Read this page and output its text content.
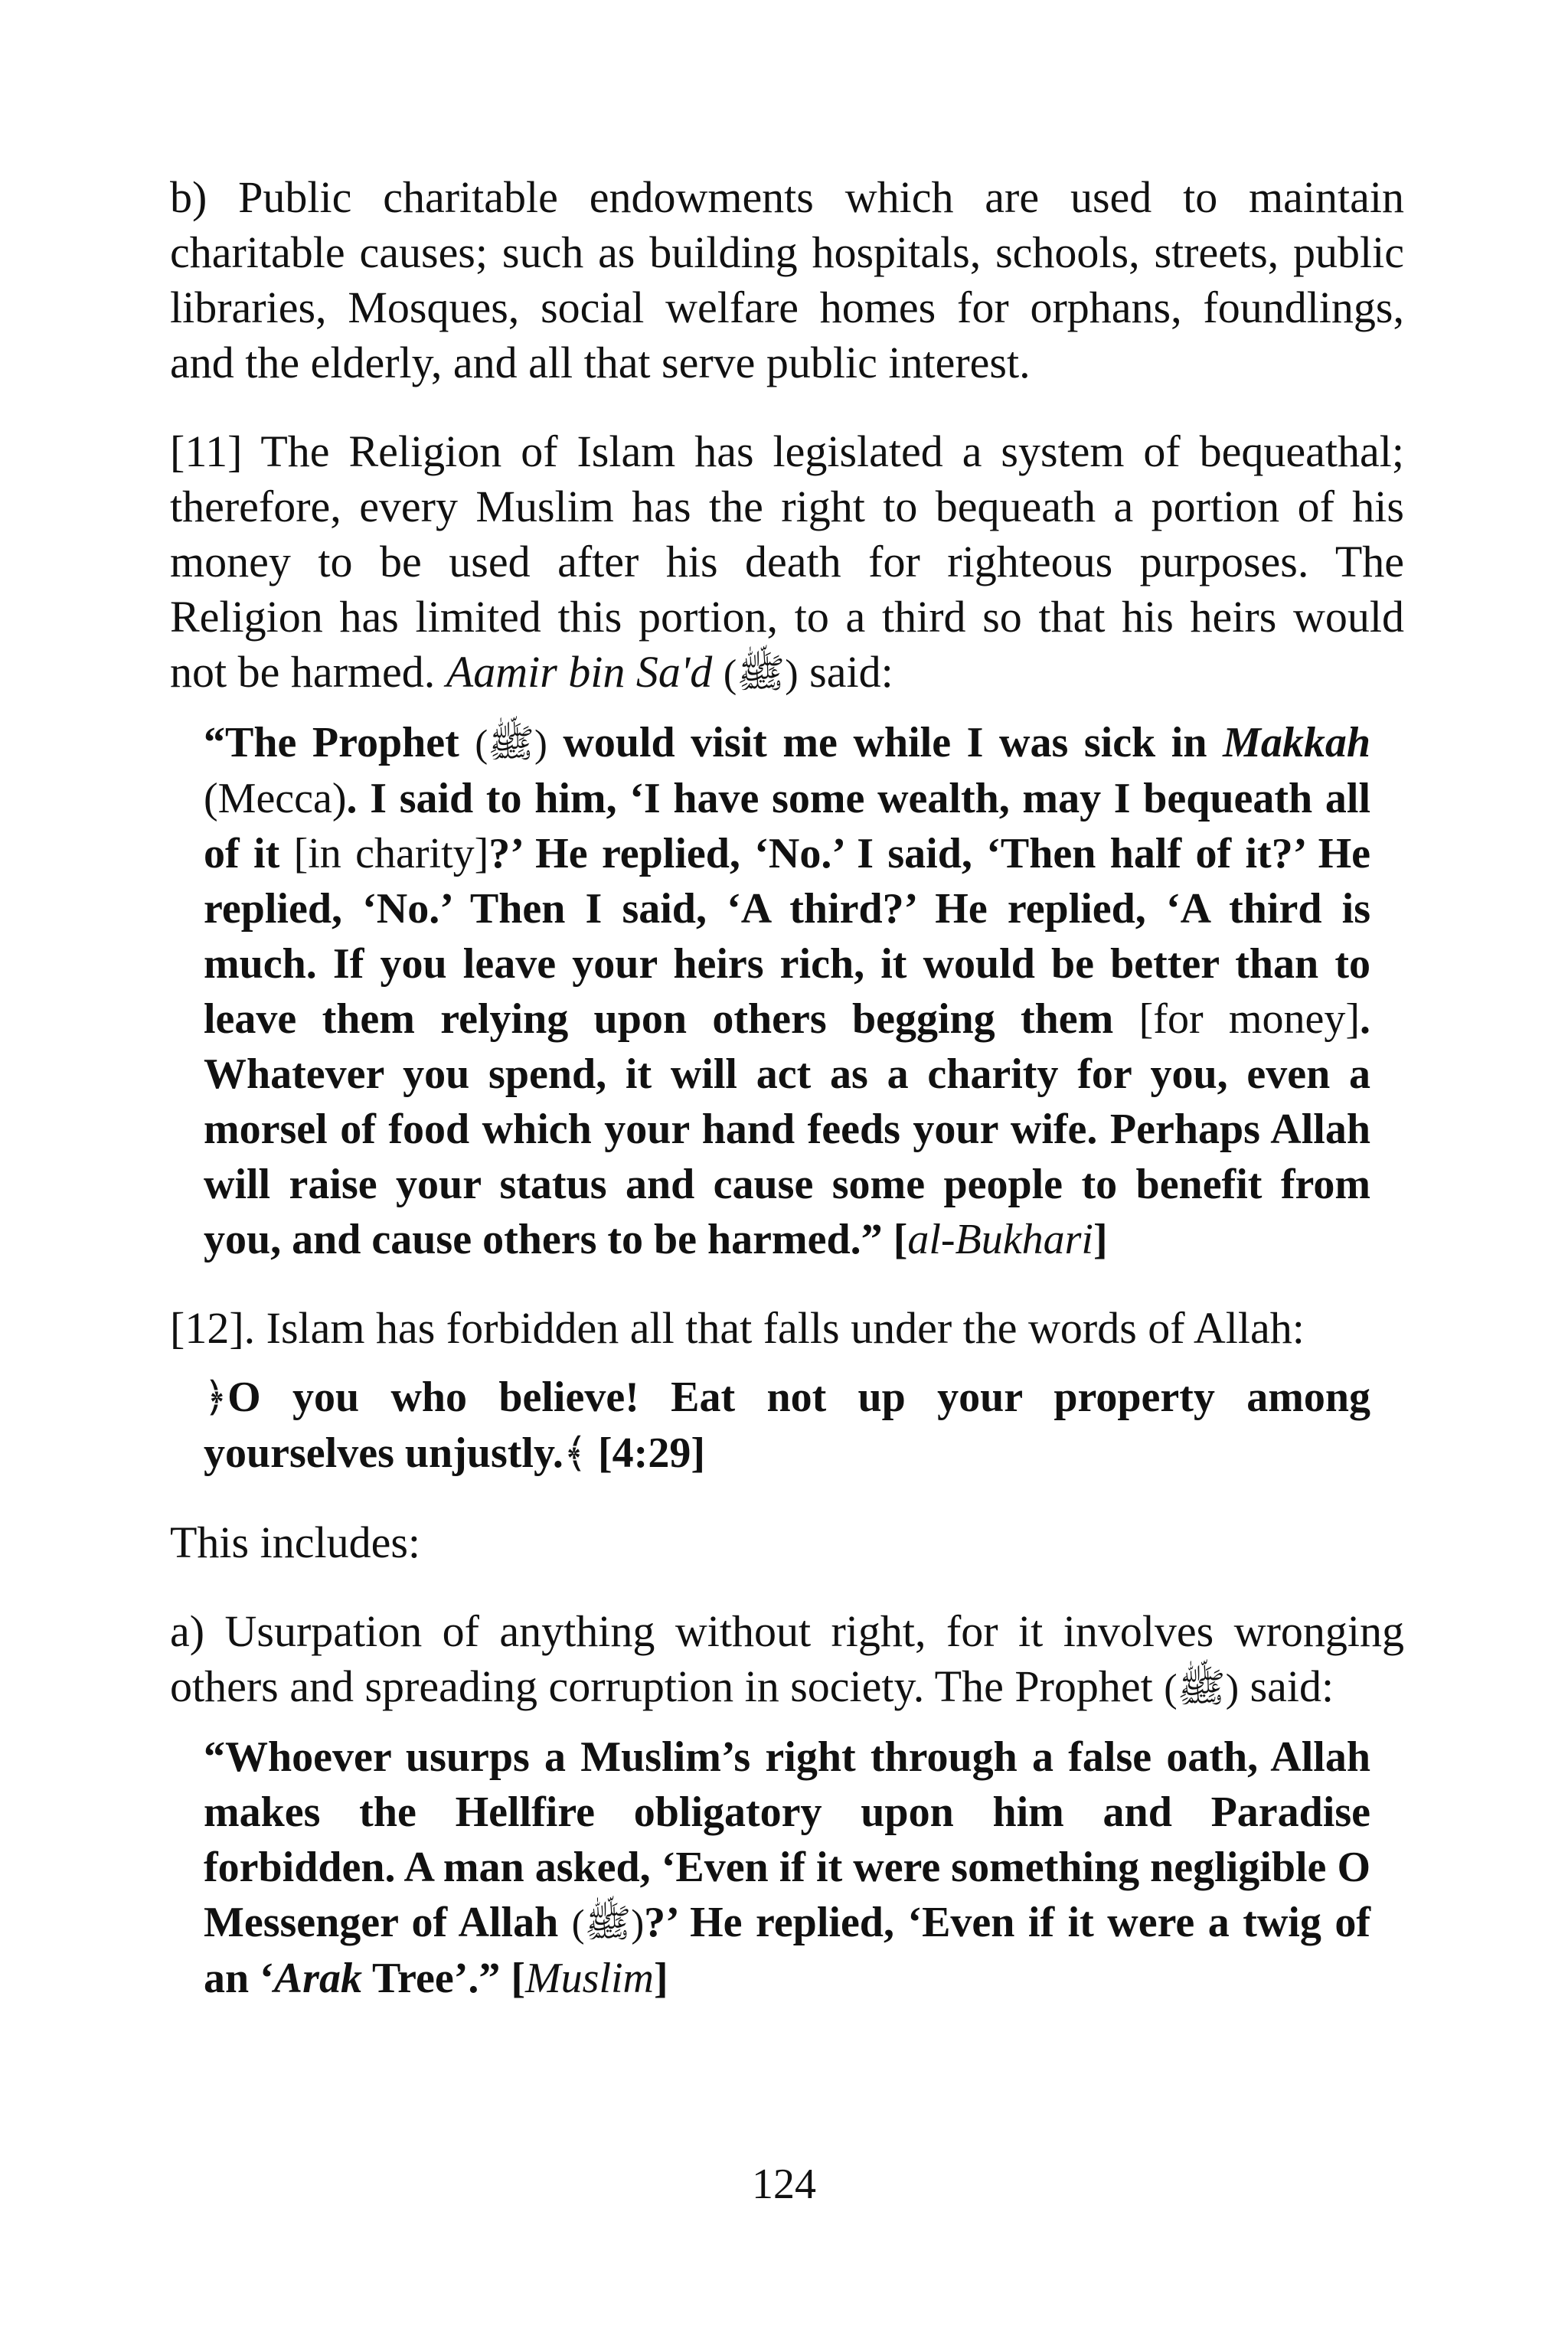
b) Public charitable endowments which are used to maintain charitable causes; such as building hospitals, schools, streets, public libraries, Mosques, social welfare homes for orphans, foundlings, and the elderly, and all that serve public interest.

[11] The Religion of Islam has legislated a system of bequeathal; therefore, every Muslim has the right to bequeath a portion of his money to be used after his death for righteous purposes. The Religion has limited this portion, to a third so that his heirs would not be harmed. Aamir bin Sa'd (ﷺ) said:

“The Prophet (ﷺ) would visit me while I was sick in Makkah (Mecca). I said to him, ‘I have some wealth, may I bequeath all of it [in charity]?’ He replied, ‘No.’ I said, ‘Then half of it?’ He replied, ‘No.’ Then I said, ‘A third?’ He replied, ‘A third is much. If you leave your heirs rich, it would be better than to leave them relying upon others begging them [for money]. Whatever you spend, it will act as a charity for you, even a morsel of food which your hand feeds your wife. Perhaps Allah will raise your status and cause some people to benefit from you, and cause others to be harmed.” [al-Bukhari]

[12]. Islam has forbidden all that falls under the words of Allah:

﴿O you who believe! Eat not up your property among yourselves unjustly.﴾ [4:29]

This includes:

a) Usurpation of anything without right, for it involves wronging others and spreading corruption in society. The Prophet (ﷺ) said:

“Whoever usurps a Muslim’s right through a false oath, Allah makes the Hellfire obligatory upon him and Paradise forbidden. A man asked, ‘Even if it were something negligible O Messenger of Allah (ﷺ)?’ He replied, ‘Even if it were a twig of an ‘Arak Tree’.” [Muslim]

124
